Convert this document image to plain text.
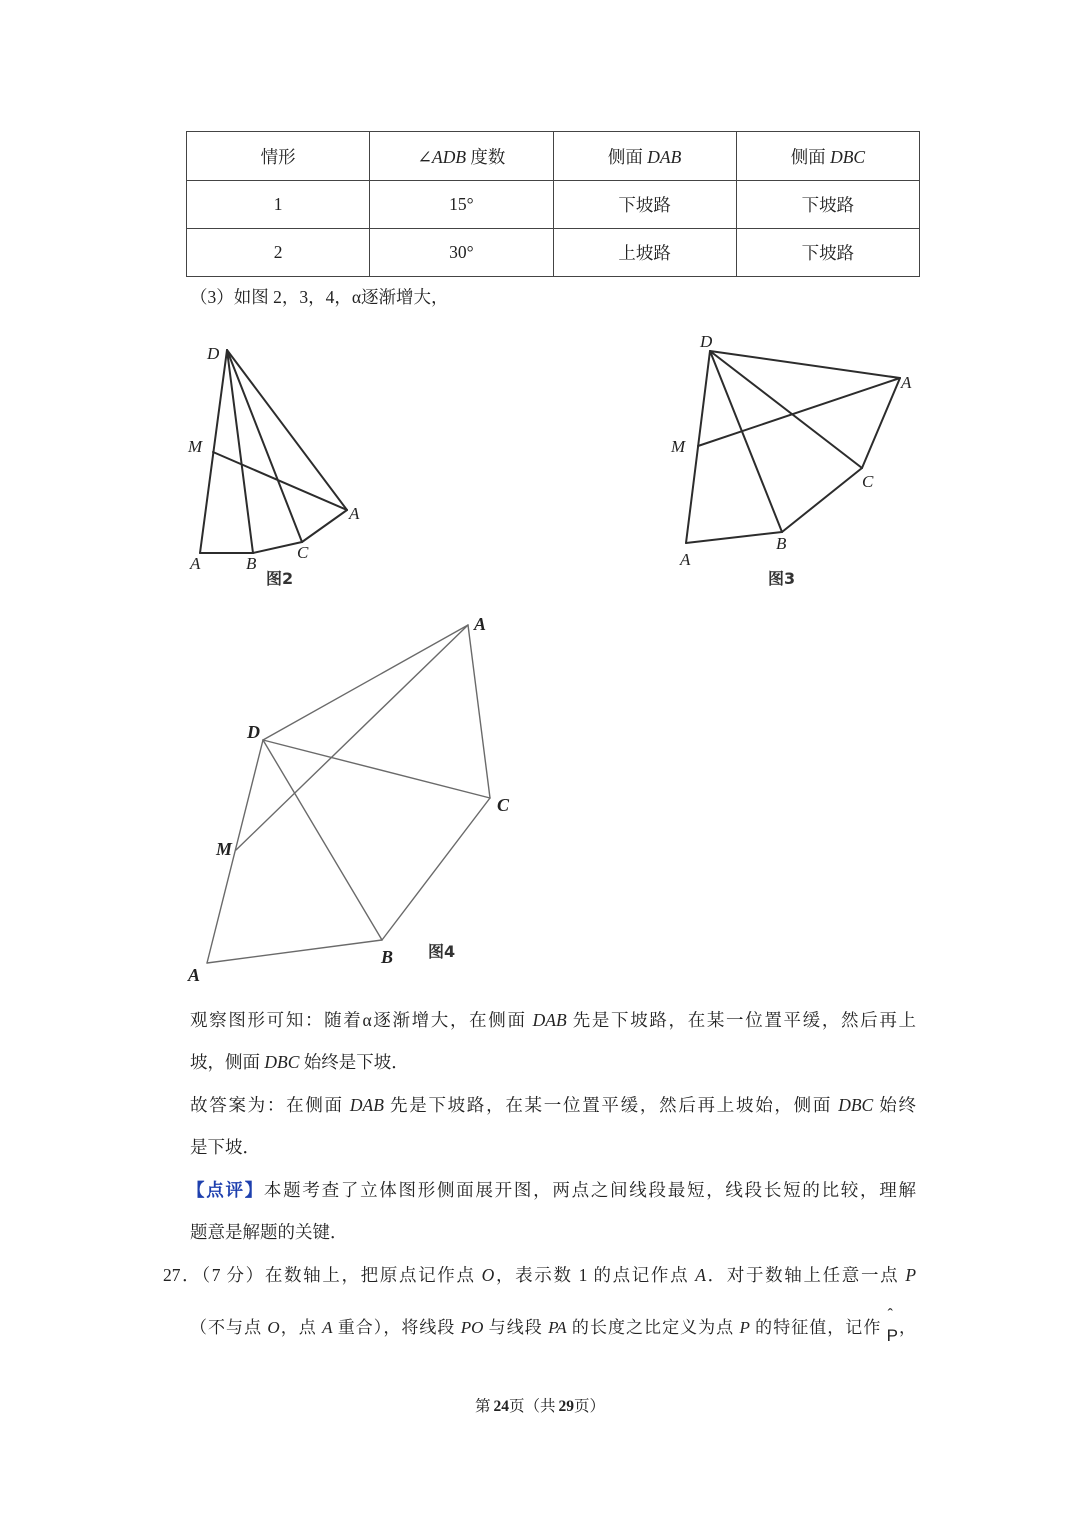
情形	∠ADB 度数	侧面 DAB	侧面 DBC
1	15°	下坡路	下坡路
2	30°	上坡路	下坡路
（3）如图 2，3，4，α逐渐增大，
D
M
A	B
C
A
图2
D
A
M
C
B
A
图3
A
D
C
M
A
B 图4
观察图形可知：随着α逐渐增大，在侧面 DAB 先是下坡路，在某一位置平缓，然后再上
坡，侧面 DBC 始终是下坡．
故答案为：在侧面 DAB 先是下坡路，在某一位置平缓，然后再上坡始，侧面 DBC 始终
是下坡．
【点评】本题考查了立体图形侧面展开图，两点之间线段最短，线段长短的比较，理解
题意是解题的关键．
27．（7 分）在数轴上，把原点记作点 O，表示数 1 的点记作点 A．对于数轴上任意一点 P
（不与点 O，点 A 重合），将线段 PO 与线段 PA 的长度之比定义为点 P 的特征值，记作
ˆ
P，
第 24页（共 29页）
